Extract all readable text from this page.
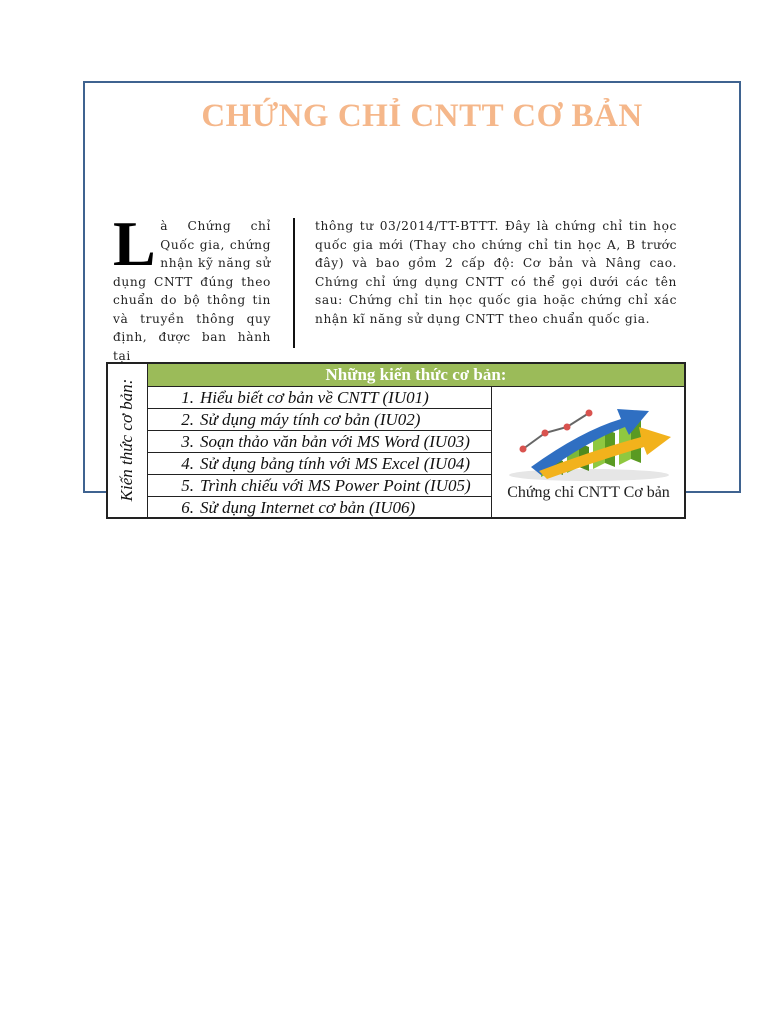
CHỨNG CHỈ CNTT CƠ BẢN
Là Chứng chỉ Quốc gia, chứng nhận kỹ năng sử dụng CNTT đúng theo chuẩn do bộ thông tin và truyền thông quy định, được ban hành tại
thông tư 03/2014/TT-BTTT. Đây là chứng chỉ tin học quốc gia mới (Thay cho chứng chỉ tin học A, B trước đây) và bao gồm 2 cấp độ: Cơ bản và Nâng cao. Chứng chỉ ứng dụng CNTT có thể gọi dưới các tên sau: Chứng chỉ tin học quốc gia hoặc chứng chỉ xác nhận kĩ năng sử dụng CNTT theo chuẩn quốc gia.
Kiến thức cơ bản:
Những kiến thức cơ bản:
1. Hiểu biết cơ bản về CNTT (IU01)
2. Sử dụng máy tính cơ bản (IU02)
3. Soạn thảo văn bản với MS Word (IU03)
4. Sử dụng bảng tính với MS Excel (IU04)
5. Trình chiếu với MS Power Point (IU05)
6. Sử dụng Internet cơ bản (IU06)
Chứng chỉ CNTT Cơ bản
